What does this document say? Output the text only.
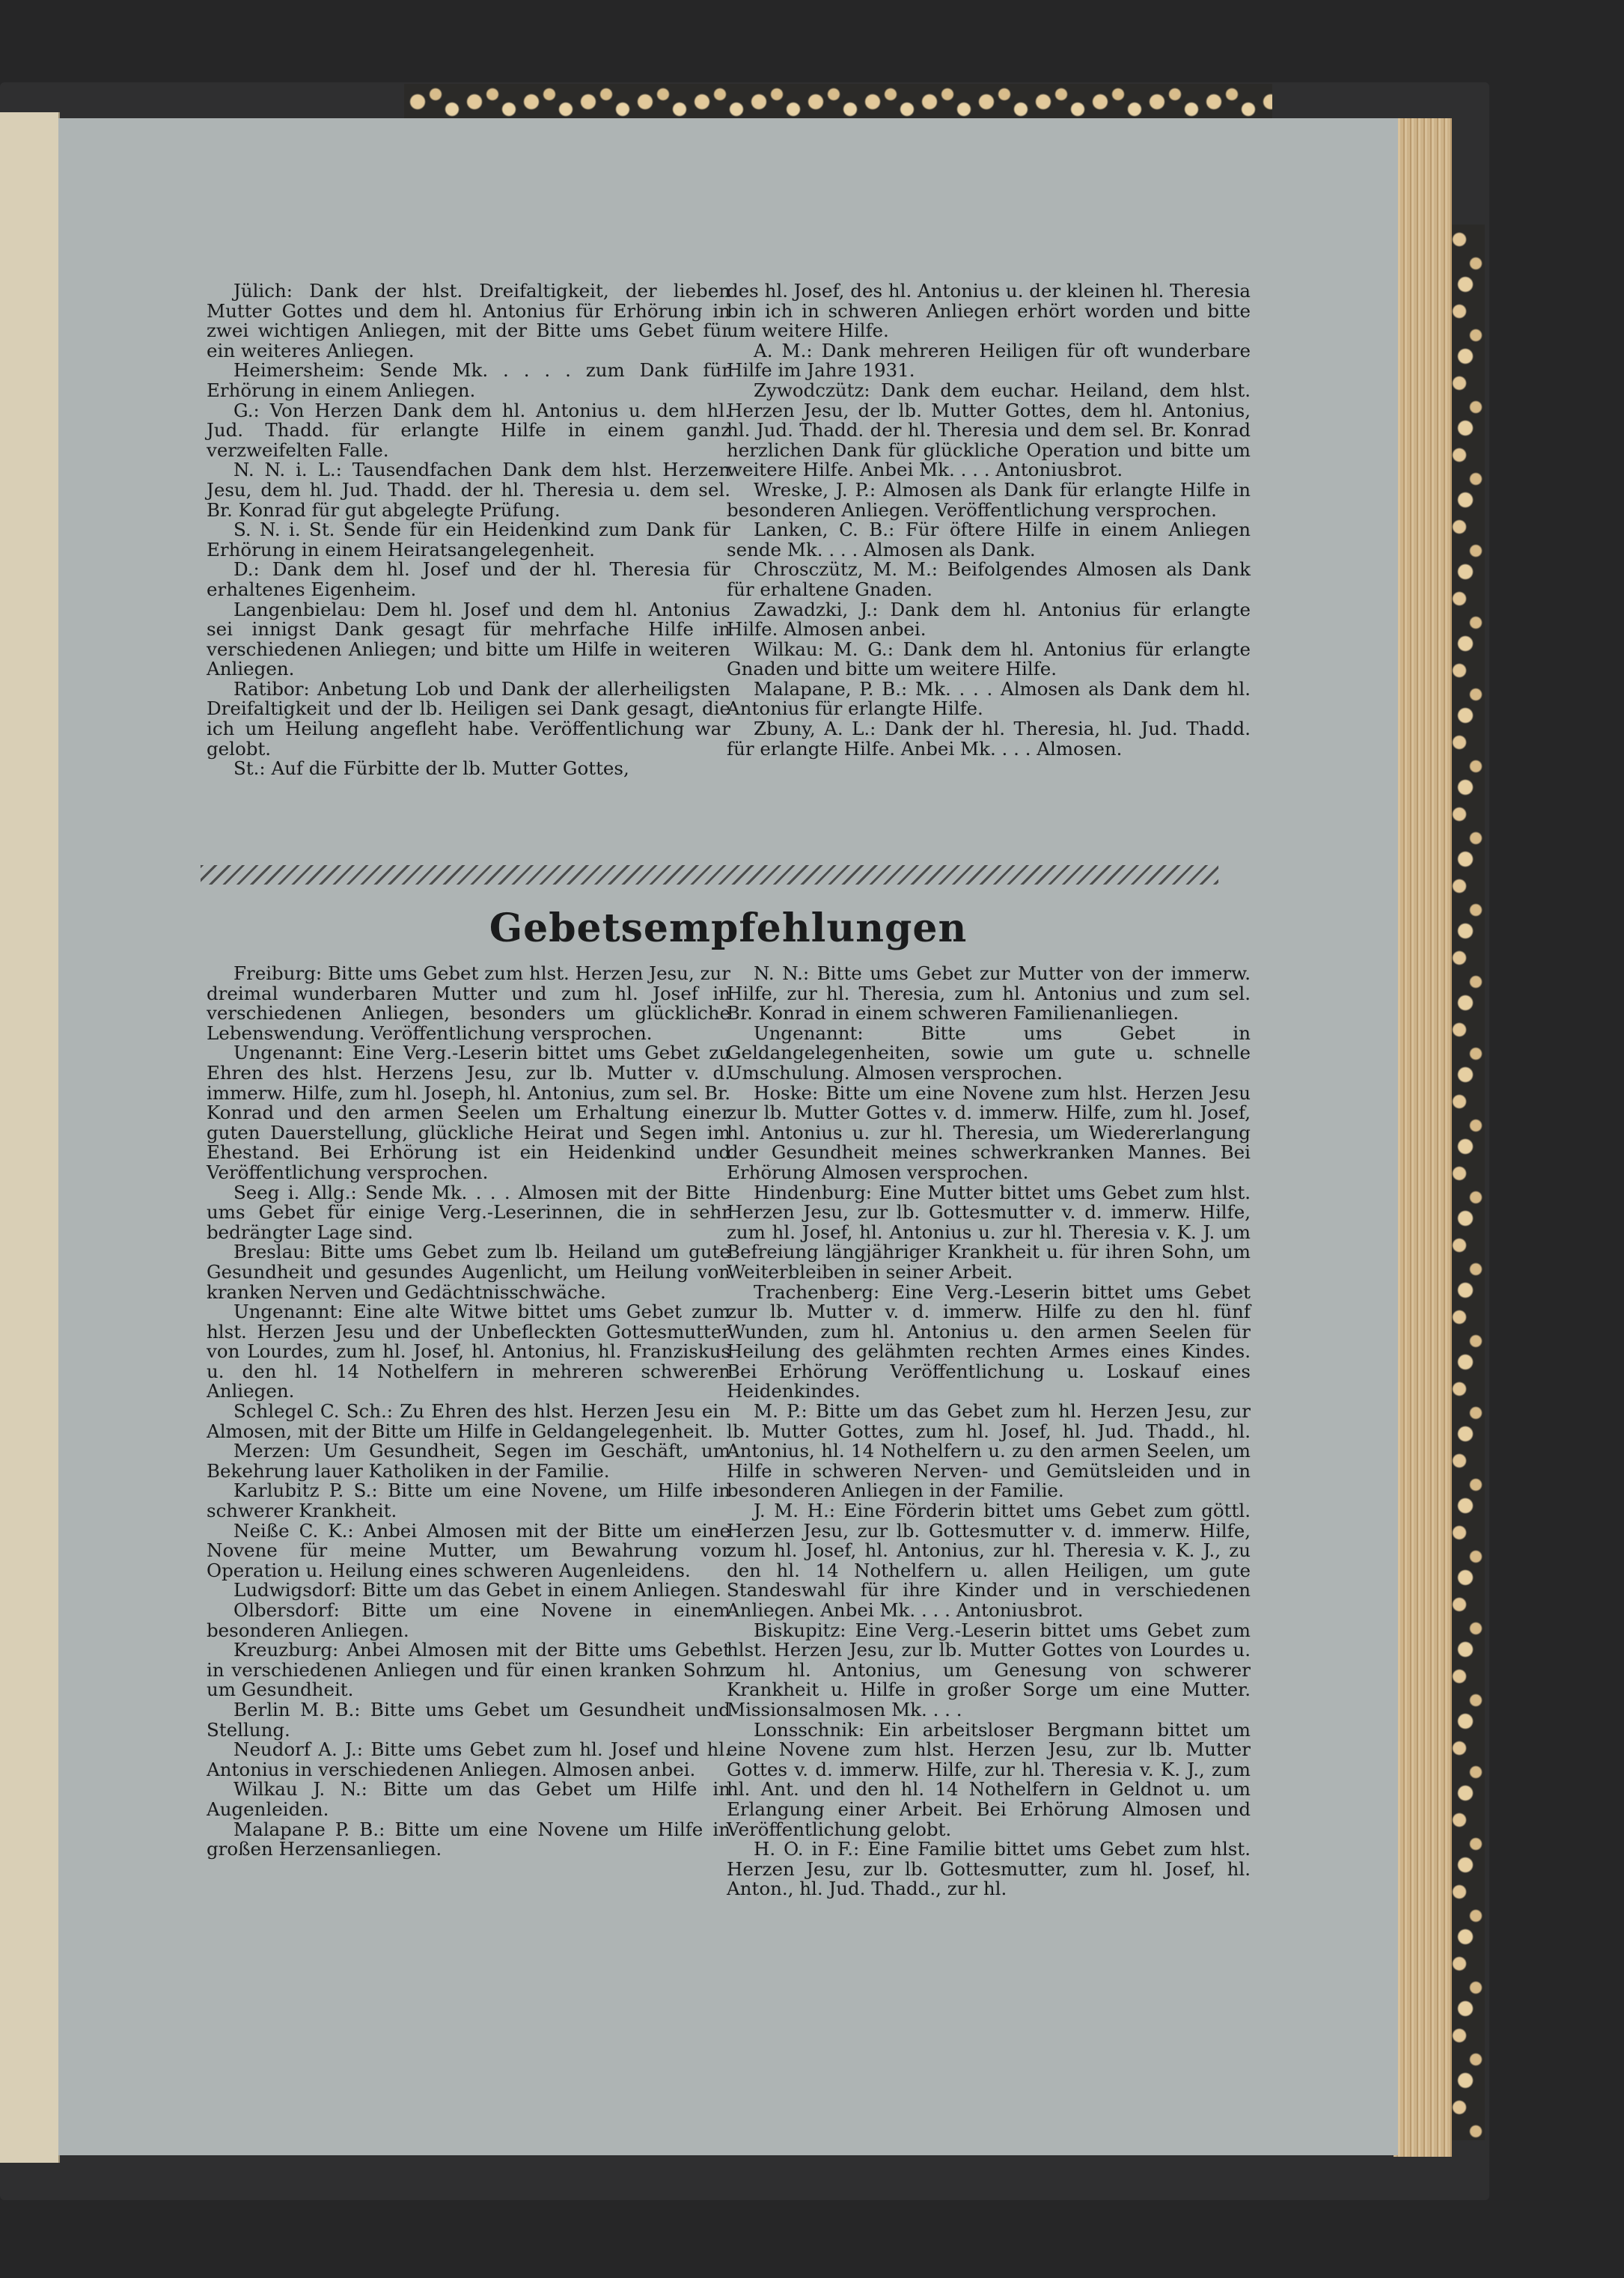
Jülich: Dank der hlst. Dreifaltigkeit, der lieben Mutter Gottes und dem hl. Antonius für Erhörung in zwei wichtigen Anliegen, mit der Bitte ums Gebet für ein weiteres Anliegen.

Heimersheim: Sende Mk. . . . . zum Dank für Erhörung in einem Anliegen.

G.: Von Herzen Dank dem hl. Antonius u. dem hl. Jud. Thadd. für erlangte Hilfe in einem ganz verzweifelten Falle.

N. N. i. L.: Tausendfachen Dank dem hlst. Herzen Jesu, dem hl. Jud. Thadd. der hl. Theresia u. dem sel. Br. Konrad für gut abgelegte Prüfung.

S. N. i. St. Sende für ein Heidenkind zum Dank für Erhörung in einem Heiratsangelegenheit.

D.: Dank dem hl. Josef und der hl. Theresia für erhaltenes Eigenheim.

Langenbielau: Dem hl. Josef und dem hl. Antonius sei innigst Dank gesagt für mehrfache Hilfe in verschiedenen Anliegen; und bitte um Hilfe in weiteren Anliegen.

Ratibor: Anbetung Lob und Dank der allerheiligsten Dreifaltigkeit und der lb. Heiligen sei Dank gesagt, die ich um Heilung angefleht habe. Veröffentlichung war gelobt.

St.: Auf die Fürbitte der lb. Mutter Gottes,

des hl. Josef, des hl. Antonius u. der kleinen hl. Theresia bin ich in schweren Anliegen erhört worden und bitte um weitere Hilfe.

A. M.: Dank mehreren Heiligen für oft wunderbare Hilfe im Jahre 1931.

Zywodczütz: Dank dem euchar. Heiland, dem hlst. Herzen Jesu, der lb. Mutter Gottes, dem hl. Antonius, hl. Jud. Thadd. der hl. Theresia und dem sel. Br. Konrad herzlichen Dank für glückliche Operation und bitte um weitere Hilfe. Anbei Mk. . . . Antoniusbrot.

Wreske, J. P.: Almosen als Dank für erlangte Hilfe in besonderen Anliegen. Veröffentlichung versprochen.

Lanken, C. B.: Für öftere Hilfe in einem Anliegen sende Mk. . . . Almosen als Dank.

Chrosczütz, M. M.: Beifolgendes Almosen als Dank für erhaltene Gnaden.

Zawadzki, J.: Dank dem hl. Antonius für erlangte Hilfe. Almosen anbei.

Wilkau: M. G.: Dank dem hl. Antonius für erlangte Gnaden und bitte um weitere Hilfe.

Malapane, P. B.: Mk. . . . Almosen als Dank dem hl. Antonius für erlangte Hilfe.

Zbuny, A. L.: Dank der hl. Theresia, hl. Jud. Thadd. für erlangte Hilfe. Anbei Mk. . . . Almosen.

Gebetsempfehlungen

Freiburg: Bitte ums Gebet zum hlst. Herzen Jesu, zur dreimal wunderbaren Mutter und zum hl. Josef in verschiedenen Anliegen, besonders um glückliche Lebenswendung. Veröffentlichung versprochen.

Ungenannt: Eine Verg.-Leserin bittet ums Gebet zu Ehren des hlst. Herzens Jesu, zur lb. Mutter v. d. immerw. Hilfe, zum hl. Joseph, hl. Antonius, zum sel. Br. Konrad und den armen Seelen um Erhaltung einer guten Dauerstellung, glückliche Heirat und Segen im Ehestand. Bei Erhörung ist ein Heidenkind und Veröffentlichung versprochen.

Seeg i. Allg.: Sende Mk. . . . Almosen mit der Bitte ums Gebet für einige Verg.-Leserinnen, die in sehr bedrängter Lage sind.

Breslau: Bitte ums Gebet zum lb. Heiland um gute Gesundheit und gesundes Augenlicht, um Heilung von kranken Nerven und Gedächtnisschwäche.

Ungenannt: Eine alte Witwe bittet ums Gebet zum hlst. Herzen Jesu und der Unbefleckten Gottesmutter von Lourdes, zum hl. Josef, hl. Antonius, hl. Franziskus u. den hl. 14 Nothelfern in mehreren schweren Anliegen.

Schlegel C. Sch.: Zu Ehren des hlst. Herzen Jesu ein Almosen, mit der Bitte um Hilfe in Geldangelegenheit.

Merzen: Um Gesundheit, Segen im Geschäft, um Bekehrung lauer Katholiken in der Familie.

Karlubitz P. S.: Bitte um eine Novene, um Hilfe in schwerer Krankheit.

Neiße C. K.: Anbei Almosen mit der Bitte um eine Novene für meine Mutter, um Bewahrung vor Operation u. Heilung eines schweren Augenleidens.

Ludwigsdorf: Bitte um das Gebet in einem Anliegen.

Olbersdorf: Bitte um eine Novene in einem besonderen Anliegen.

Kreuzburg: Anbei Almosen mit der Bitte ums Gebet in verschiedenen Anliegen und für einen kranken Sohn um Gesundheit.

Berlin M. B.: Bitte ums Gebet um Gesundheit und Stellung.

Neudorf A. J.: Bitte ums Gebet zum hl. Josef und hl. Antonius in verschiedenen Anliegen. Almosen anbei.

Wilkau J. N.: Bitte um das Gebet um Hilfe in Augenleiden.

Malapane P. B.: Bitte um eine Novene um Hilfe in großen Herzensanliegen.

N. N.: Bitte ums Gebet zur Mutter von der immerw. Hilfe, zur hl. Theresia, zum hl. Antonius und zum sel. Br. Konrad in einem schweren Familienanliegen.

Ungenannt: Bitte ums Gebet in Geldangelegenheiten, sowie um gute u. schnelle Umschulung. Almosen versprochen.

Hoske: Bitte um eine Novene zum hlst. Herzen Jesu zur lb. Mutter Gottes v. d. immerw. Hilfe, zum hl. Josef, hl. Antonius u. zur hl. Theresia, um Wiedererlangung der Gesundheit meines schwerkranken Mannes. Bei Erhörung Almosen versprochen.

Hindenburg: Eine Mutter bittet ums Gebet zum hlst. Herzen Jesu, zur lb. Gottesmutter v. d. immerw. Hilfe, zum hl. Josef, hl. Antonius u. zur hl. Theresia v. K. J. um Befreiung längjähriger Krankheit u. für ihren Sohn, um Weiterbleiben in seiner Arbeit.

Trachenberg: Eine Verg.-Leserin bittet ums Gebet zur lb. Mutter v. d. immerw. Hilfe zu den hl. fünf Wunden, zum hl. Antonius u. den armen Seelen für Heilung des gelähmten rechten Armes eines Kindes. Bei Erhörung Veröffentlichung u. Loskauf eines Heidenkindes.

M. P.: Bitte um das Gebet zum hl. Herzen Jesu, zur lb. Mutter Gottes, zum hl. Josef, hl. Jud. Thadd., hl. Antonius, hl. 14 Nothelfern u. zu den armen Seelen, um Hilfe in schweren Nerven- und Gemütsleiden und in besonderen Anliegen in der Familie.

J. M. H.: Eine Förderin bittet ums Gebet zum göttl. Herzen Jesu, zur lb. Gottesmutter v. d. immerw. Hilfe, zum hl. Josef, hl. Antonius, zur hl. Theresia v. K. J., zu den hl. 14 Nothelfern u. allen Heiligen, um gute Standeswahl für ihre Kinder und in verschiedenen Anliegen. Anbei Mk. . . . Antoniusbrot.

Biskupitz: Eine Verg.-Leserin bittet ums Gebet zum hlst. Herzen Jesu, zur lb. Mutter Gottes von Lourdes u. zum hl. Antonius, um Genesung von schwerer Krankheit u. Hilfe in großer Sorge um eine Mutter. Missionsalmosen Mk. . . .

Lonsschnik: Ein arbeitsloser Bergmann bittet um eine Novene zum hlst. Herzen Jesu, zur lb. Mutter Gottes v. d. immerw. Hilfe, zur hl. Theresia v. K. J., zum hl. Ant. und den hl. 14 Nothelfern in Geldnot u. um Erlangung einer Arbeit. Bei Erhörung Almosen und Veröffentlichung gelobt.

H. O. in F.: Eine Familie bittet ums Gebet zum hlst. Herzen Jesu, zur lb. Gottesmutter, zum hl. Josef, hl. Anton., hl. Jud. Thadd., zur hl.
